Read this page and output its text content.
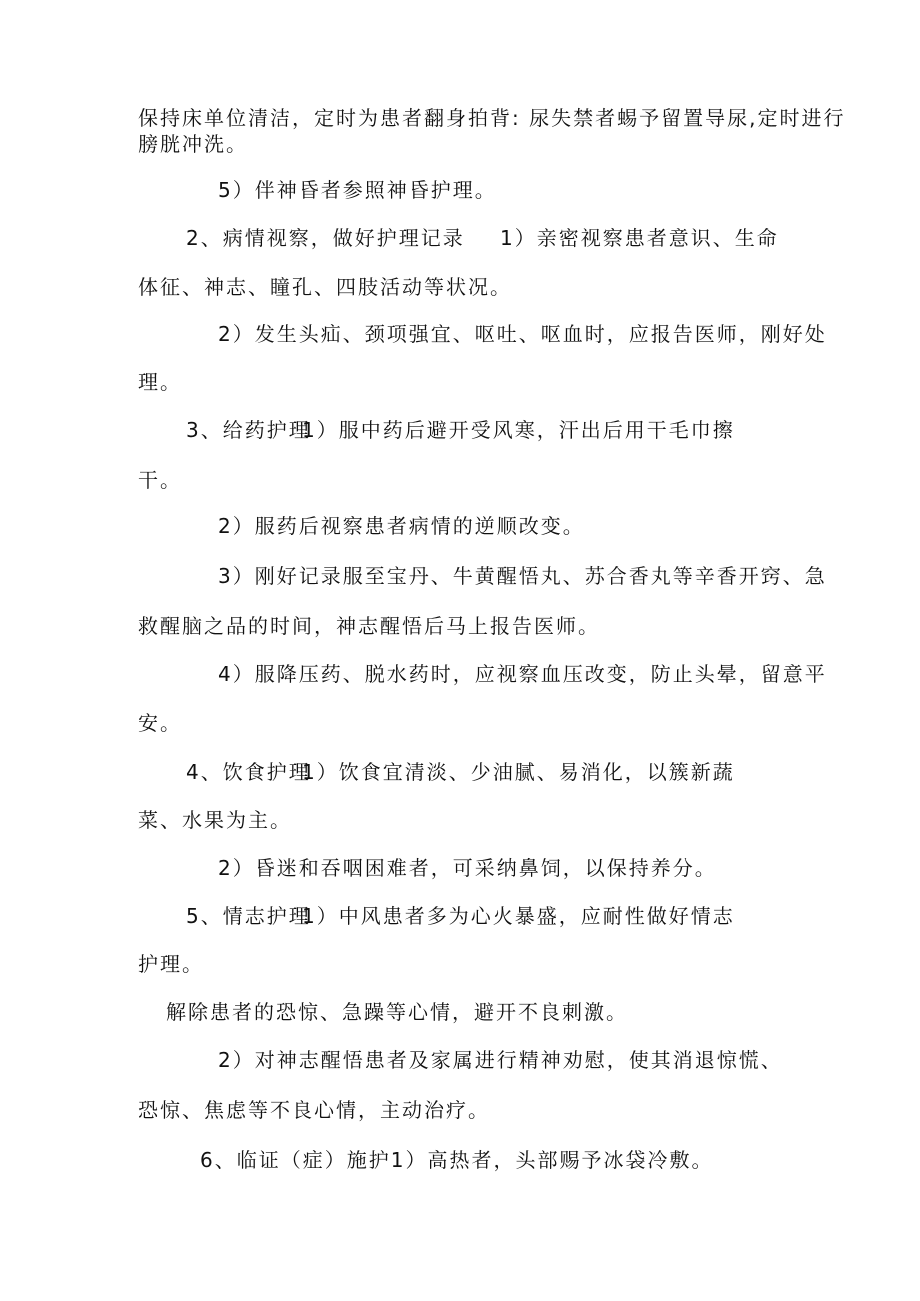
保持床单位清洁，定时为患者翻身拍背: 尿失禁者蜴予留置导尿,定时进行
膀胱冲洗。
5）伴神昏者参照神昏护理。
2、病情视察，做好护理记录 1）亲密视察患者意识、生命
体征、神志、瞳孔、四肢活动等状况。
2）发生头疝、颈项强宜、呕吐、呕血时，应报告医师，刚好处
理。
3、给药护理
1）服中药后避开受风寒，汗出后用干毛巾擦
干。
2）服药后视察患者病情的逆顺改变。
3）刚好记录服至宝丹、牛黄醒悟丸、苏合香丸等辛香开窍、急
救醒脑之品的时间，神志醒悟后马上报告医师。
4）服降压药、脱水药时，应视察血压改变，防止头晕，留意平
安。
4、饮食护理
1）饮食宜清淡、少油腻、易消化，以簇新蔬
菜、水果为主。
2）昏迷和吞咽困难者，可采纳鼻饲，以保持养分。
5、情志护理
1）中风患者多为心火暴盛，应耐性做好情志
护理。
解除患者的恐惊、急躁等心情，避开不良刺激。
2）对神志醒悟患者及家属进行精神劝慰，使其消退惊慌、
恐惊、焦虑等不良心情，主动治疗。
6、临证（症）施护1）高热者，头部赐予冰袋冷敷。
